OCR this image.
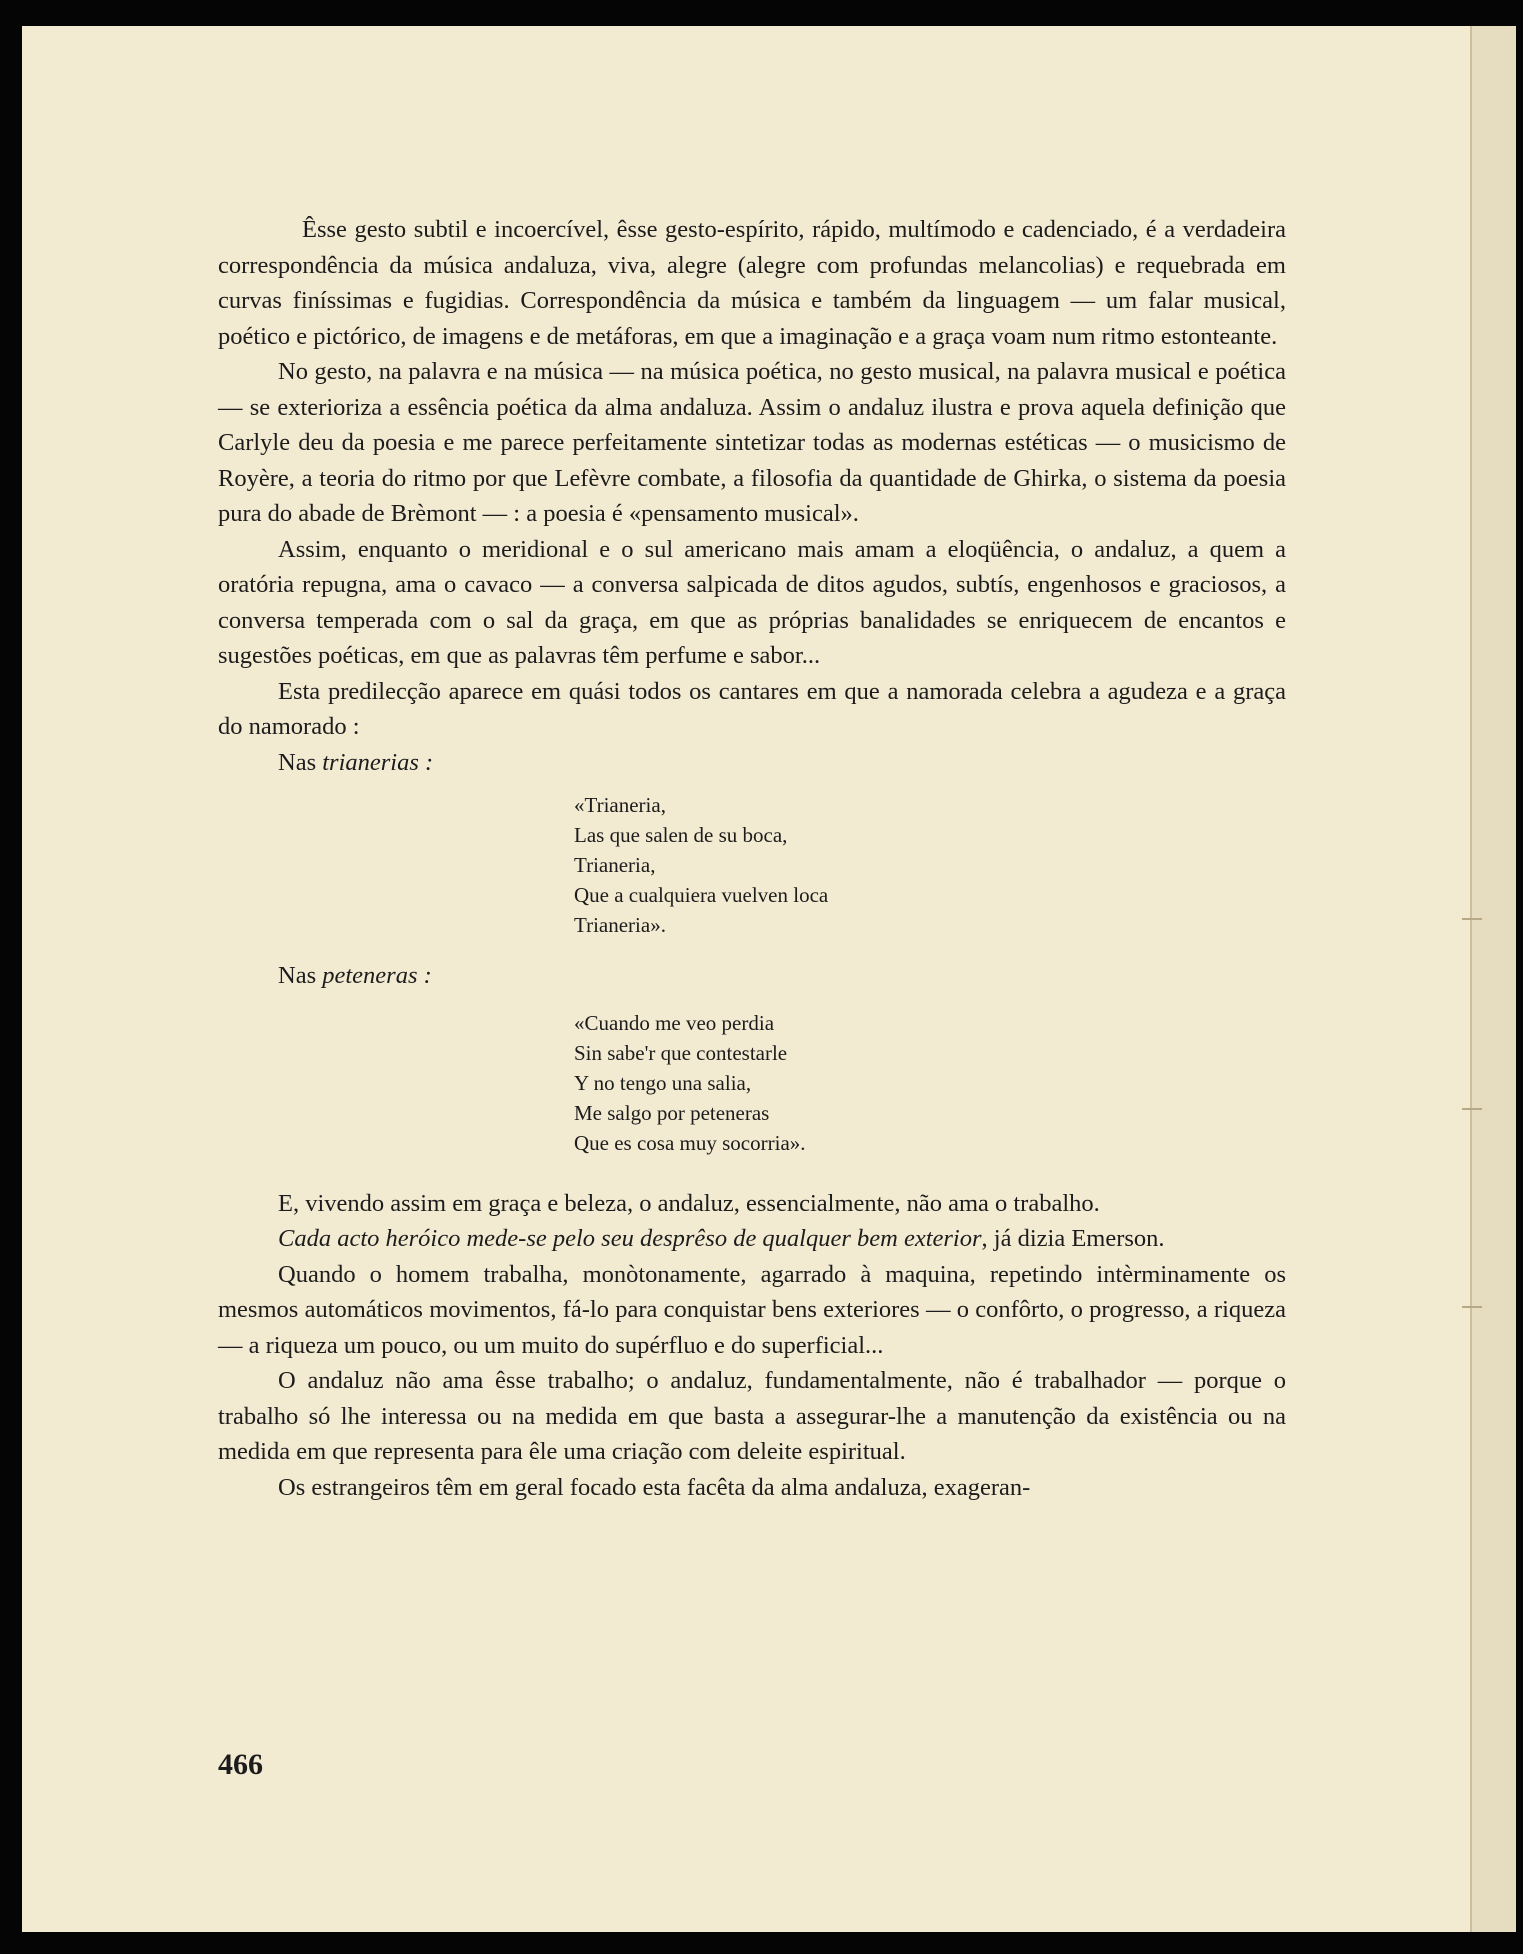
Êsse gesto subtil e incoercível, êsse gesto-espírito, rápido, multímodo e cadenciado, é a verdadeira correspondência da música andaluza, viva, alegre (alegre com profundas melancolias) e requebrada em curvas finíssimas e fugidias. Correspondência da música e também da linguagem — um falar musical, poético e pictórico, de imagens e de metáforas, em que a imaginação e a graça voam num ritmo estonteante.

No gesto, na palavra e na música — na música poética, no gesto musical, na palavra musical e poética — se exterioriza a essência poética da alma andaluza. Assim o andaluz ilustra e prova aquela definição que Carlyle deu da poesia e me parece perfeitamente sintetizar todas as modernas estéticas — o musicismo de Royère, a teoria do ritmo por que Lefèvre combate, a filosofia da quantidade de Ghirka, o sistema da poesia pura do abade de Brèmont — : a poesia é «pensamento musical».

Assim, enquanto o meridional e o sul americano mais amam a eloqüência, o andaluz, a quem a oratória repugna, ama o cavaco — a conversa salpicada de ditos agudos, subtís, engenhosos e graciosos, a conversa temperada com o sal da graça, em que as próprias banalidades se enriquecem de encantos e sugestões poéticas, em que as palavras têm perfume e sabor...

Esta predilecção aparece em quási todos os cantares em que a namorada celebra a agudeza e a graça do namorado :

Nas trianerias :
«Trianeria,
Las que salen de su boca,
Trianeria,
Que a cualquiera vuelven loca
Trianeria».
Nas peteneras :
«Cuando me veo perdia
Sin sabe'r que contestarle
Y no tengo una salia,
Me salgo por peteneras
Que es cosa muy socorria».

E, vivendo assim em graça e beleza, o andaluz, essencialmente, não ama o trabalho.

Cada acto heróico mede-se pelo seu desprêso de qualquer bem exterior, já dizia Emerson.

Quando o homem trabalha, monòtonamente, agarrado à maquina, repetindo intèrminamente os mesmos automáticos movimentos, fá-lo para conquistar bens exteriores — o confôrto, o progresso, a riqueza — a riqueza um pouco, ou um muito do supérfluo e do superficial...

O andaluz não ama êsse trabalho; o andaluz, fundamentalmente, não é trabalhador — porque o trabalho só lhe interessa ou na medida em que basta a assegurar-lhe a manutenção da existência ou na medida em que representa para êle uma criação com deleite espiritual.

Os estrangeiros têm em geral focado esta facêta da alma andaluza, exageran-

466
